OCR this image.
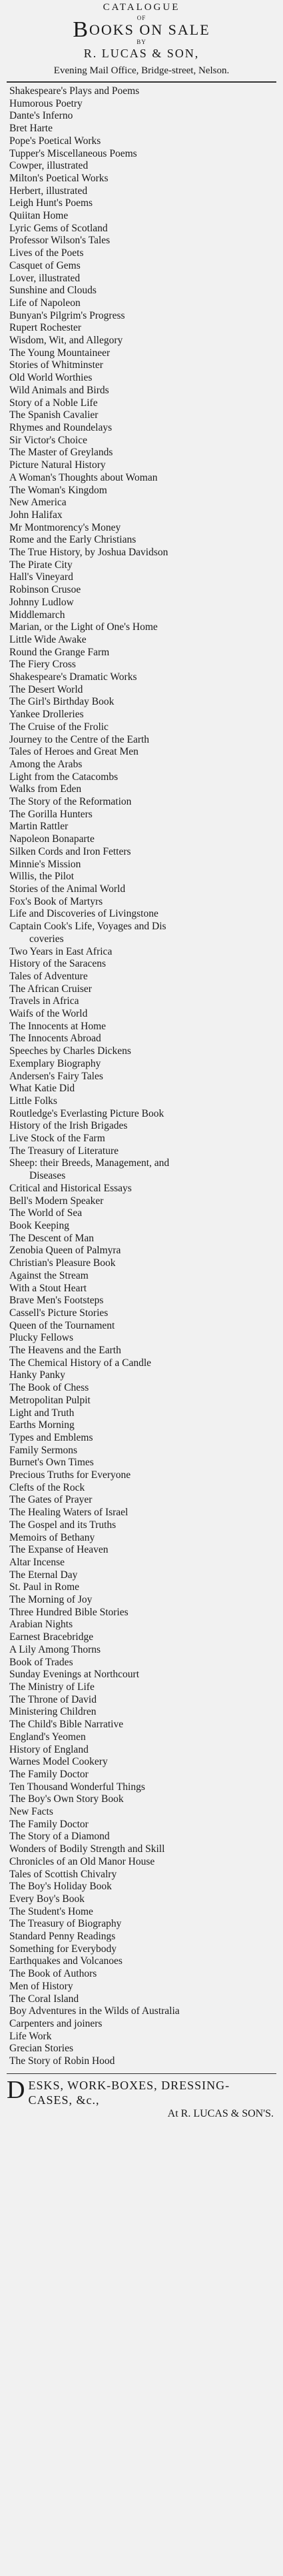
CATALOGUE
OF
BOOKS ON SALE
BY
R. LUCAS & SON,
Evening Mail Office, Bridge-street, Nelson.
Shakespeare's Plays and Poems
Humorous Poetry
Dante's Inferno
Bret Harte
Pope's Poetical Works
Tupper's Miscellaneous Poems
Cowper, illustrated
Milton's Poetical Works
Herbert, illustrated
Leigh Hunt's Poems
Quiitan Home
Lyric Gems of Scotland
Professor Wilson's Tales
Lives of the Poets
Casquet of Gems
Lover, illustrated
Sunshine and Clouds
Life of Napoleon
Bunyan's Pilgrim's Progress
Rupert Rochester
Wisdom, Wit, and Allegory
The Young Mountaineer
Stories of Whitminster
Old World Worthies
Wild Animals and Birds
Story of a Noble Life
The Spanish Cavalier
Rhymes and Roundelays
Sir Victor's Choice
The Master of Greylands
Picture Natural History
A Woman's Thoughts about Woman
The Woman's Kingdom
New America
John Halifax
Mr Montmorency's Money
Rome and the Early Christians
The True History, by Joshua Davidson
The Pirate City
Hall's Vineyard
Robinson Crusoe
Johnny Ludlow
Middlemarch
Marian, or the Light of One's Home
Little Wide Awake
Round the Grange Farm
The Fiery Cross
Shakespeare's Dramatic Works
The Desert World
The Girl's Birthday Book
Yankee Drolleries
The Cruise of the Frolic
Journey to the Centre of the Earth
Tales of Heroes and Great Men
Among the Arabs
Light from the Catacombs
Walks from Eden
The Story of the Reformation
The Gorilla Hunters
Martin Rattler
Napoleon Bonaparte
Silken Cords and Iron Fetters
Minnie's Mission
Willis, the Pilot
Stories of the Animal World
Fox's Book of Martyrs
Life and Discoveries of Livingstone
Captain Cook's Life, Voyages and Dis
coveries
Two Years in East Africa
History of the Saracens
Tales of Adventure
The African Cruiser
Travels in Africa
Waifs of the World
The Innocents at Home
The Innocents Abroad
Speeches by Charles Dickens
Exemplary Biography
Andersen's Fairy Tales
What Katie Did
Little Folks
Routledge's Everlasting Picture Book
History of the Irish Brigades
Live Stock of the Farm
The Treasury of Literature
Sheep: their Breeds, Management, and
Diseases
Critical and Historical Essays
Bell's Modern Speaker
The World of Sea
Book Keeping
The Descent of Man
Zenobia Queen of Palmyra
Christian's Pleasure Book
Against the Stream
With a Stout Heart
Brave Men's Footsteps
Cassell's Picture Stories
Queen of the Tournament
Plucky Fellows
The Heavens and the Earth
The Chemical History of a Candle
Hanky Panky
The Book of Chess
Metropolitan Pulpit
Light and Truth
Earths Morning
Types and Emblems
Family Sermons
Burnet's Own Times
Precious Truths for Everyone
Clefts of the Rock
The Gates of Prayer
The Healing Waters of Israel
The Gospel and its Truths
Memoirs of Bethany
The Expanse of Heaven
Altar Incense
The Eternal Day
St. Paul in Rome
The Morning of Joy
Three Hundred Bible Stories
Arabian Nights
Earnest Bracebridge
A Lily Among Thorns
Book of Trades
Sunday Evenings at Northcourt
The Ministry of Life
The Throne of David
Ministering Children
The Child's Bible Narrative
England's Yeomen
History of England
Warnes Model Cookery
The Family Doctor
Ten Thousand Wonderful Things
The Boy's Own Story Book
New Facts
The Family Doctor
The Story of a Diamond
Wonders of Bodily Strength and Skill
Chronicles of an Old Manor House
Tales of Scottish Chivalry
The Boy's Holiday Book
Every Boy's Book
The Student's Home
The Treasury of Biography
Standard Penny Readings
Something for Everybody
Earthquakes and Volcanoes
The Book of Authors
Men of History
The Coral Island
Boy Adventures in the Wilds of Australia
Carpenters and joiners
Life Work
Grecian Stories
The Story of Robin Hood
DESKS, WORK-BOXES, DRESSING-
CASES, &c.,
At R. LUCAS & SON'S.
